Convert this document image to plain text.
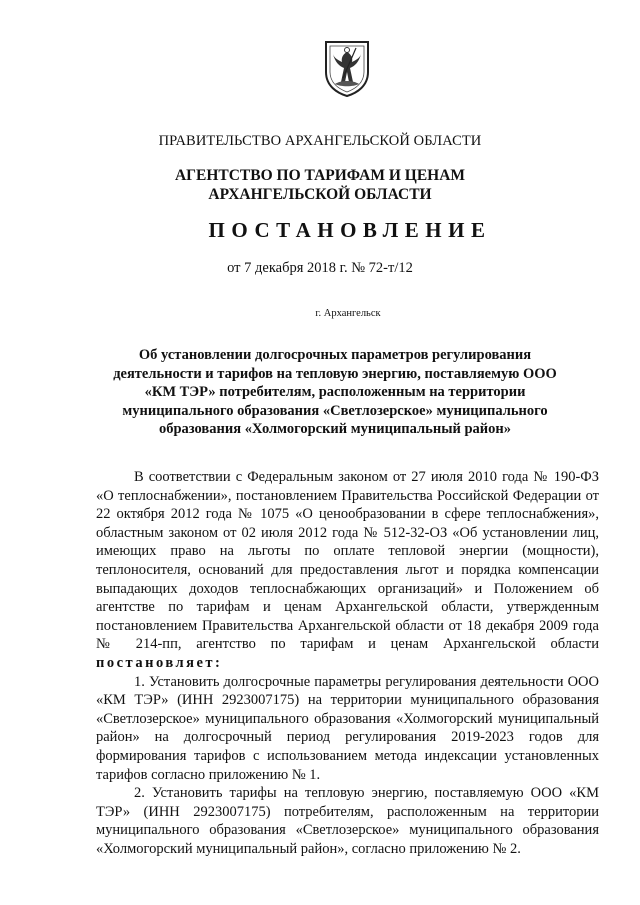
ПРАВИТЕЛЬСТВО АРХАНГЕЛЬСКОЙ ОБЛАСТИ
АГЕНТСТВО ПО ТАРИФАМ И ЦЕНАМ
АРХАНГЕЛЬСКОЙ ОБЛАСТИ
ПОСТАНОВЛЕНИЕ
от 7 декабря 2018 г. № 72-т/12
г. Архангельск
Об установлении долгосрочных параметров регулирования деятельности и тарифов на тепловую энергию, поставляемую ООО «КМ ТЭР» потребителям, расположенным на территории муниципального образования «Светлозерское» муниципального образования «Холмогорский муниципальный район»

В соответствии с Федеральным законом от 27 июля 2010 года № 190-ФЗ «О теплоснабжении», постановлением Правительства Российской Федерации от 22 октября 2012 года № 1075 «О ценообразовании в сфере теплоснабжения», областным законом от 02 июля 2012 года № 512-32-ОЗ «Об установлении лиц, имеющих право на льготы по оплате тепловой энергии (мощности), теплоносителя, оснований для предоставления льгот и порядка компенсации выпадающих доходов теплоснабжающих организаций» и Положением об агентстве по тарифам и ценам Архангельской области, утвержденным постановлением Правительства Архангельской области от 18 декабря 2009 года № 214-пп, агентство по тарифам и ценам Архангельской области постановляет:

1. Установить долгосрочные параметры регулирования деятельности ООО «КМ ТЭР» (ИНН 2923007175) на территории муниципального образования «Светлозерское» муниципального образования «Холмогорский муниципальный район» на долгосрочный период регулирования 2019-2023 годов для формирования тарифов с использованием метода индексации установленных тарифов согласно приложению № 1.

2. Установить тарифы на тепловую энергию, поставляемую ООО «КМ ТЭР» (ИНН 2923007175) потребителям, расположенным на территории муниципального образования «Светлозерское» муниципального образования «Холмогорский муниципальный район», согласно приложению № 2.
